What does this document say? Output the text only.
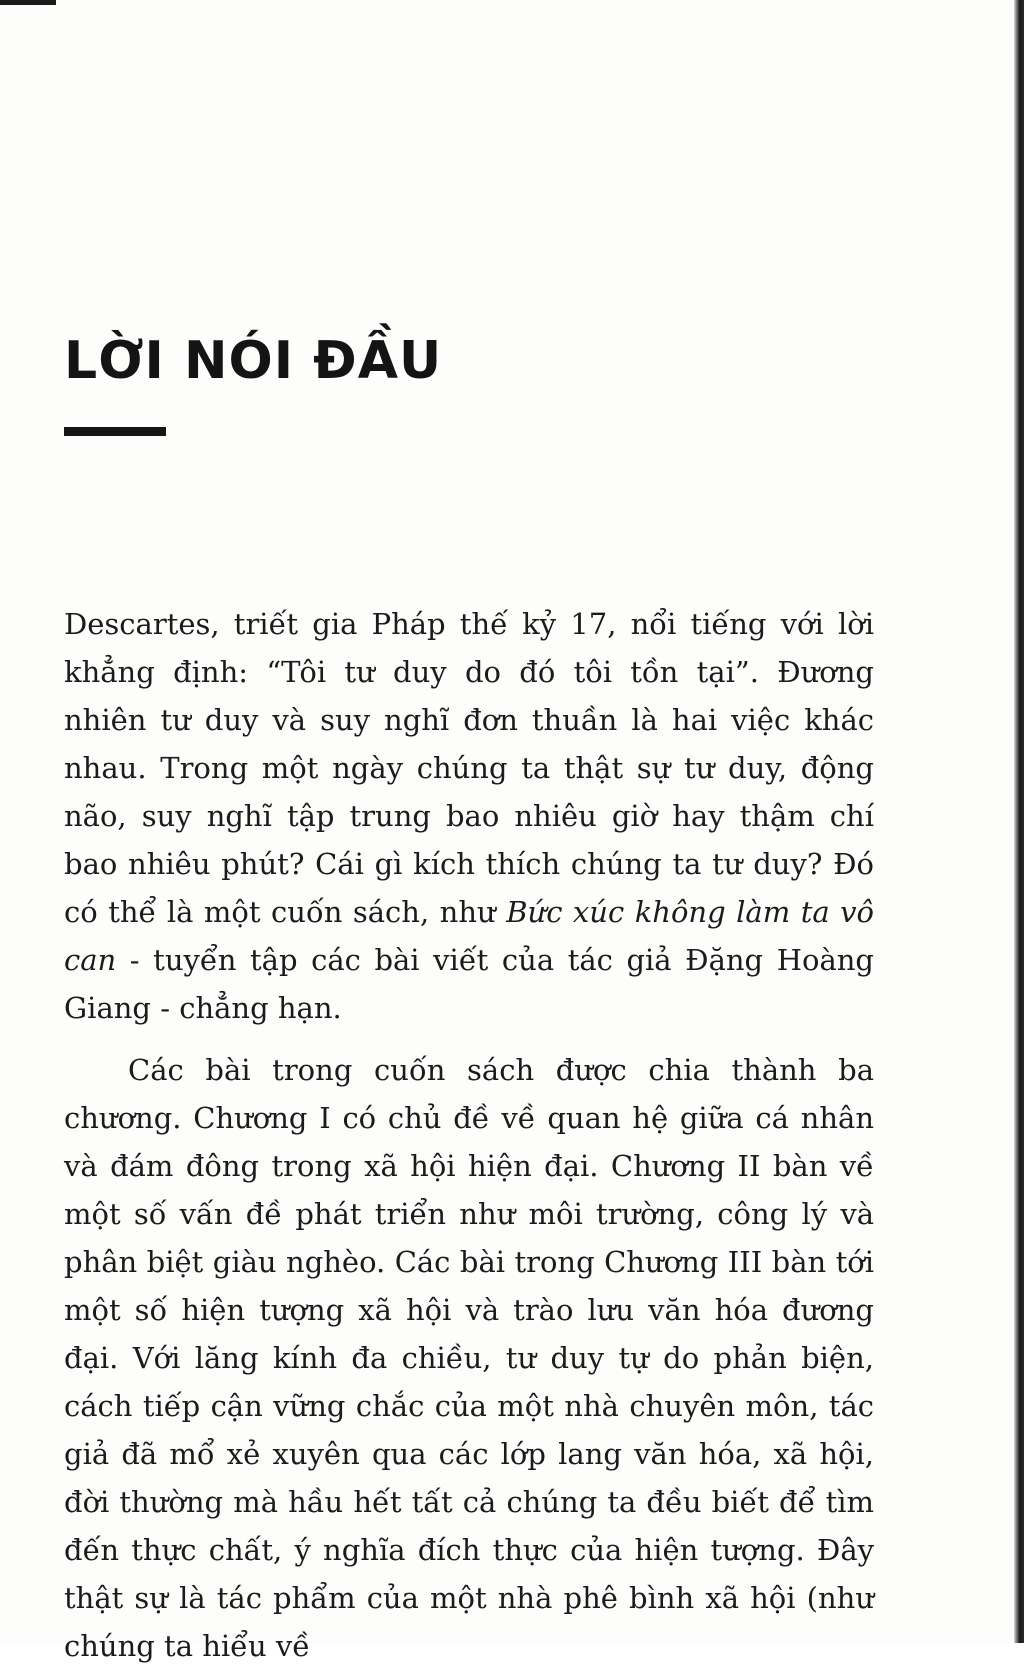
LỜI NÓI ĐẦU

Descartes, triết gia Pháp thế kỷ 17, nổi tiếng với lời khẳng định: “Tôi tư duy do đó tôi tồn tại”. Đương nhiên tư duy và suy nghĩ đơn thuần là hai việc khác nhau. Trong một ngày chúng ta thật sự tư duy, động não, suy nghĩ tập trung bao nhiêu giờ hay thậm chí bao nhiêu phút? Cái gì kích thích chúng ta tư duy? Đó có thể là một cuốn sách, như Bức xúc không làm ta vô can - tuyển tập các bài viết của tác giả Đặng Hoàng Giang - chẳng hạn.

Các bài trong cuốn sách được chia thành ba chương. Chương I có chủ đề về quan hệ giữa cá nhân và đám đông trong xã hội hiện đại. Chương II bàn về một số vấn đề phát triển như môi trường, công lý và phân biệt giàu nghèo. Các bài trong Chương III bàn tới một số hiện tượng xã hội và trào lưu văn hóa đương đại. Với lăng kính đa chiều, tư duy tự do phản biện, cách tiếp cận vững chắc của một nhà chuyên môn, tác giả đã mổ xẻ xuyên qua các lớp lang văn hóa, xã hội, đời thường mà hầu hết tất cả chúng ta đều biết để tìm đến thực chất, ý nghĩa đích thực của hiện tượng. Đây thật sự là tác phẩm của một nhà phê bình xã hội (như chúng ta hiểu về
